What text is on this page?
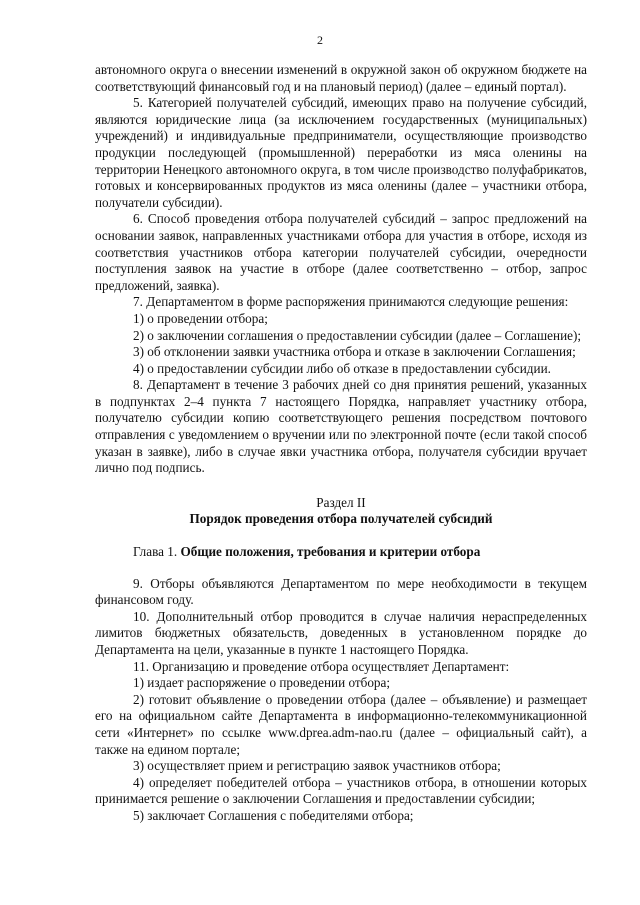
2

автономного округа о внесении изменений в окружной закон об окружном бюджете на соответствующий финансовый год и на плановый период) (далее – единый портал).

5. Категорией получателей субсидий, имеющих право на получение субсидий, являются юридические лица (за исключением государственных (муниципальных) учреждений) и индивидуальные предприниматели, осуществляющие производство продукции последующей (промышленной) переработки из мяса оленины на территории Ненецкого автономного округа, в том числе производство полуфабрикатов, готовых и консервированных продуктов из мяса оленины (далее – участники отбора, получатели субсидии).

6. Способ проведения отбора получателей субсидий – запрос предложений на основании заявок, направленных участниками отбора для участия в отборе, исходя из соответствия участников отбора категории получателей субсидии, очередности поступления заявок на участие в отборе (далее соответственно – отбор, запрос предложений, заявка).

7. Департаментом в форме распоряжения принимаются следующие решения:

1) о проведении отбора;

2) о заключении соглашения о предоставлении субсидии (далее – Соглашение);

3) об отклонении заявки участника отбора и отказе в заключении Соглашения;

4) о предоставлении субсидии либо об отказе в предоставлении субсидии.

8. Департамент в течение 3 рабочих дней со дня принятия решений, указанных в подпунктах 2–4 пункта 7 настоящего Порядка, направляет участнику отбора, получателю субсидии копию соответствующего решения посредством почтового отправления с уведомлением о вручении или по электронной почте (если такой способ указан в заявке), либо в случае явки участника отбора, получателя субсидии вручает лично под подпись.

Раздел II

Порядок проведения отбора получателей субсидий

Глава 1. Общие положения, требования и критерии отбора

9. Отборы объявляются Департаментом по мере необходимости в текущем финансовом году.

10. Дополнительный отбор проводится в случае наличия нераспределенных лимитов бюджетных обязательств, доведенных в установленном порядке до Департамента на цели, указанные в пункте 1 настоящего Порядка.

11. Организацию и проведение отбора осуществляет Департамент:

1) издает распоряжение о проведении отбора;

2) готовит объявление о проведении отбора (далее – объявление) и размещает его на официальном сайте Департамента в информационно-телекоммуникационной сети «Интернет» по ссылке www.dprea.adm-nao.ru (далее – официальный сайт), а также на едином портале;

3) осуществляет прием и регистрацию заявок участников отбора;

4) определяет победителей отбора – участников отбора, в отношении которых принимается решение о заключении Соглашения и предоставлении субсидии;

5) заключает Соглашения с победителями отбора;
